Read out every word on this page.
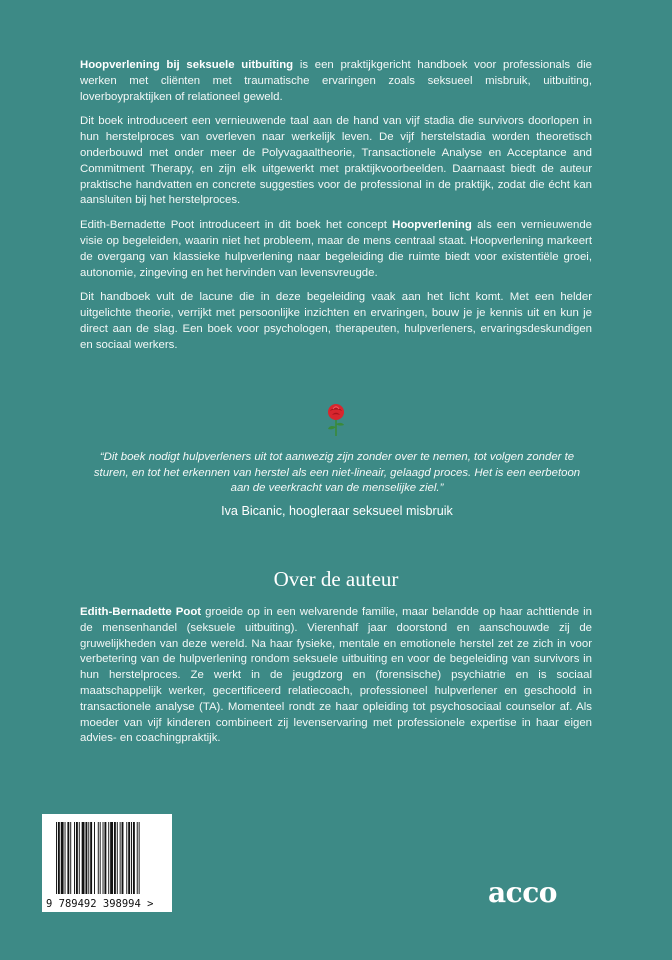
Hoopverlening bij seksuele uitbuiting is een praktijkgericht handboek voor professionals die werken met cliënten met traumatische ervaringen zoals seksueel misbruik, uitbuiting, loverboypraktijken of relationeel geweld.

Dit boek introduceert een vernieuwende taal aan de hand van vijf stadia die survivors doorlopen in hun herstelproces van overleven naar werkelijk leven. De vijf herstelstadia worden theoretisch onderbouwd met onder meer de Polyvagaaltheorie, Transactionele Analyse en Acceptance and Commitment Therapy, en zijn elk uitgewerkt met praktijkvoorbeelden. Daarnaast biedt de auteur praktische handvatten en concrete suggesties voor de professional in de praktijk, zodat die écht kan aansluiten bij het herstelproces.

Edith-Bernadette Poot introduceert in dit boek het concept Hoopverlening als een vernieuwende visie op begeleiden, waarin niet het probleem, maar de mens centraal staat. Hoopverlening markeert de overgang van klassieke hulpverlening naar begeleiding die ruimte biedt voor existentiële groei, autonomie, zingeving en het hervinden van levensvreugde.

Dit handboek vult de lacune die in deze begeleiding vaak aan het licht komt. Met een helder uitgelichte theorie, verrijkt met persoonlijke inzichten en ervaringen, bouw je je kennis uit en kun je direct aan de slag. Een boek voor psychologen, therapeuten, hulpverleners, ervaringsdeskundigen en sociaal werkers.

“Dit boek nodigt hulpverleners uit tot aanwezig zijn zonder over te nemen, tot volgen zonder te sturen, en tot het erkennen van herstel als een niet-lineair, gelaagd proces. Het is een eerbetoon aan de veerkracht van de menselijke ziel.”

Iva Bicanic, hoogleraar seksueel misbruik
Over de auteur

Edith-Bernadette Poot groeide op in een welvarende familie, maar belandde op haar achttiende in de mensenhandel (seksuele uitbuiting). Vierenhalf jaar doorstond en aanschouwde zij de gruwelijkheden van deze wereld. Na haar fysieke, mentale en emotionele herstel zet ze zich in voor verbetering van de hulpverlening rondom seksuele uitbuiting en voor de begeleiding van survivors in hun herstelproces. Ze werkt in de jeugdzorg en (forensische) psychiatrie en is sociaal maatschappelijk werker, gecertificeerd relatiecoach, professioneel hulpverlener en geschoold in transactionele analyse (TA). Momenteel rondt ze haar opleiding tot psychosociaal counselor af. Als moeder van vijf kinderen combineert zij levenservaring met professionele expertise in haar eigen advies- en coachingpraktijk.

9 789492 398994 >	acco
